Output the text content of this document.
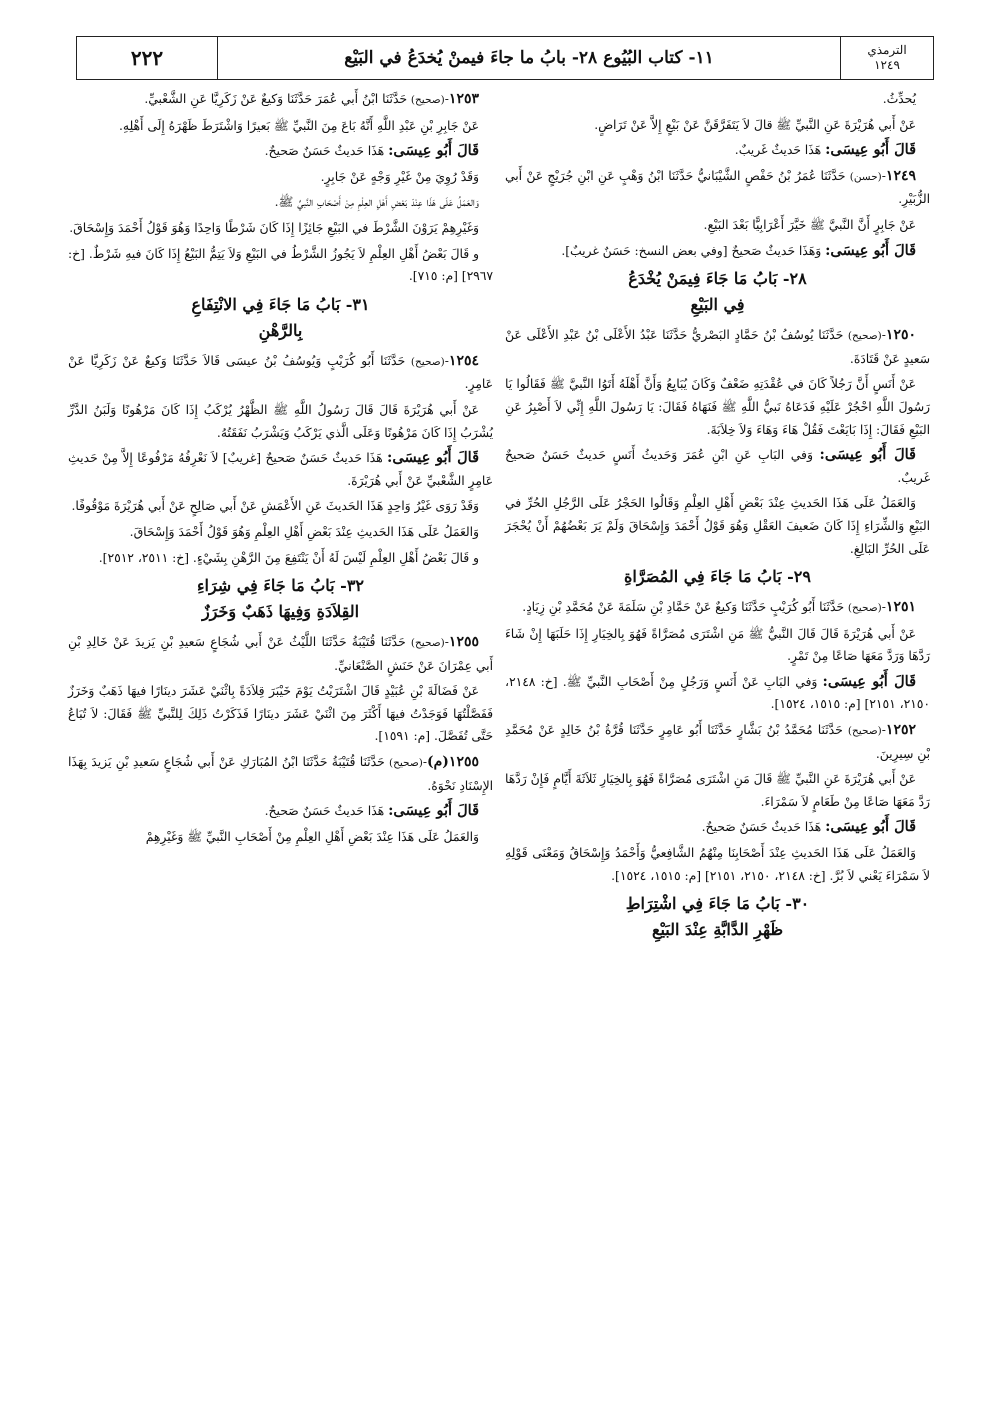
٢٢٢	١١- كتاب البُيُوع ٢٨- بابُ ما جاءَ فيمنْ يُخدَعُ في البَيْع	الترمذي
١٢٤٩

يُحدِّثُ.

عَنْ أَبي هُرَيْرَةَ عَنِ النَّبيِّ ﷺ قالَ لاَ يَتَفَرَّقَنَّ عَنْ بَيْعٍ إِلاَّ عَنْ تَرَاضٍ.

قَالَ أَبُو عِيسَى: هَذَا حَديثٌ غَريبٌ.

١٢٤٩-(حسن) حَدَّثَنَا عُمَرُ بْنُ حَفْصٍ الشَّيْبَانيُّ حَدَّثَنَا ابْنُ وَهْبٍ عَنِ ابْنِ جُرَيْجٍ عَنْ أَبي الزُّبَيْرِ.

عَنْ جَابِرٍ أَنَّ النَّبيَّ ﷺ خَيَّرَ أَعْرَابِيًّا بَعْدَ البَيْعِ.

قَالَ أَبُو عِيسَى: وَهَذَا حَديثٌ صَحيحٌ [وفي بعض النسخ: حَسَنٌ غريبٌ].

٢٨- بَابُ مَا جَاءَ فِيمَنْ يُخْدَعُ
فِي البَيْعِ

١٢٥٠-(صحيح) حَدَّثَنَا يُوسُفُ بْنُ حَمَّادٍ البَصْريُّ حَدَّثَنَا عَبْدُ الأَعْلَى بْنُ عَبْدِ الأَعْلَى عَنْ سَعيدٍ عَنْ قَتَادَةَ.

عَنْ أَنَسٍ أَنَّ رَجُلاً كَانَ في عُقْدَتِهِ ضَعْفٌ وَكَانَ يُبَايِعُ وَأَنَّ أَهْلَهُ أَتَوُا النَّبيَّ ﷺ فَقَالُوا يَا رَسُولَ اللَّهِ احْجُرْ عَلَيْهِ فَدَعَاهُ نَبيُّ اللَّهِ ﷺ فَنَهَاهُ فَقَالَ: يَا رَسُولَ اللَّهِ إِنِّي لاَ أَصْبِرُ عَنِ البَيْعِ فَقَالَ: إِذَا بَايَعْتَ فَقُلْ هَاءَ وَهَاءَ وَلاَ خِلاَبَةَ.

قَالَ أَبُو عِيسَى: وَفي البَابِ عَنِ ابْنِ عُمَرَ وَحَديثُ أَنَسٍ حَديثٌ حَسَنٌ صَحيحٌ غَريبٌ.

وَالعَمَلُ عَلَى هَذَا الحَديثِ عِنْدَ بَعْضِ أَهْلِ العِلْمِ وَقَالُوا الحَجْرُ عَلَى الرَّجُلِ الحُرِّ في البَيْعِ وَالشِّرَاءِ إِذَا كَانَ ضَعيفَ العَقْلِ وَهُوَ قَوْلُ أَحْمَدَ وَإِسْحَاقَ وَلَمْ يَرَ بَعْضُهُمْ أَنْ يُحْجَرَ عَلَى الحُرِّ البَالِغِ.

٢٩- بَابُ مَا جَاءَ فِي المُصَرَّاةِ

١٢٥١-(صحيح) حَدَّثَنَا أَبُو كُرَيْبٍ حَدَّثَنَا وَكيعٌ عَنْ حَمَّادِ بْنِ سَلَمَةَ عَنْ مُحَمَّدِ بْنِ زِيَادٍ.

عَنْ أَبي هُرَيْرَةَ قَالَ قَالَ النَّبيُّ ﷺ مَنِ اشْتَرَى مُصَرَّاةً فَهُوَ بِالخِيَارِ إِذَا حَلَبَهَا إِنْ شَاءَ رَدَّهَا وَرَدَّ مَعَهَا صَاعًا مِنْ تَمْرٍ.

قَالَ أَبُو عِيسَى: وَفي البَابِ عَنْ أَنَسٍ وَرَجُلٍ مِنْ أَصْحَابِ النَّبيِّ ﷺ. [خ: ٢١٤٨، ٢١٥٠، ٢١٥١] [م: ١٥١٥، ١٥٢٤].

١٢٥٢-(صحيح) حَدَّثَنَا مُحَمَّدُ بْنُ بَشَّارٍ حَدَّثَنَا أَبُو عَامِرٍ حَدَّثَنَا قُرَّةُ بْنُ خَالِدٍ عَنْ مُحَمَّدِ بْنِ سِيرِينَ.

عَنْ أَبي هُرَيْرَةَ عَنِ النَّبيِّ ﷺ قَالَ مَنِ اشْتَرَى مُصَرَّاةً فَهُوَ بِالخِيَارِ ثَلاَثَةَ أَيَّامٍ فَإِنْ رَدَّهَا رَدَّ مَعَهَا صَاعًا مِنْ طَعَامٍ لاَ سَمْرَاءَ.

قَالَ أَبُو عِيسَى: هَذَا حَديثٌ حَسَنٌ صَحيحٌ.

وَالعَمَلُ عَلَى هَذَا الحَديثِ عِنْدَ أَصْحَابِنَا مِنْهُمُ الشَّافِعيُّ وَأَحْمَدُ وَإِسْحَاقُ وَمَعْنَى قَوْلِهِ لاَ سَمْرَاءَ يَعْني لاَ بُرَّ. [خ: ٢١٤٨، ٢١٥٠، ٢١٥١] [م: ١٥١٥، ١٥٢٤].

٣٠- بَابُ مَا جَاءَ فِي اشْتِرَاطِ
ظَهْرِ الدَّابَّةِ عِنْدَ البَيْعِ

١٢٥٣-(صحيح) حَدَّثَنَا ابْنُ أَبي عُمَرَ حَدَّثَنَا وَكيعٌ عَنْ زَكَرِيَّا عَنِ الشَّعْبيِّ.

عَنْ جَابِرِ بْنِ عَبْدِ اللَّهِ أَنَّهُ بَاعَ مِنَ النَّبيِّ ﷺ بَعيرًا وَاشْتَرَطَ ظَهْرَهُ إِلَى أَهْلِهِ.

قَالَ أَبُو عِيسَى: هَذَا حَديثٌ حَسَنٌ صَحيحٌ.

وَقَدْ رُوِيَ مِنْ غَيْرِ وَجْهٍ عَنْ جَابِرٍ.

وَالعَمَلُ عَلَى هَذَا عِنْدَ بَعْضِ أَهْلِ العِلْمِ مِنْ أَصْحَابِ النَّبيِّ ﷺ.

وَغَيْرِهِمْ يَرَوْنَ الشَّرْطَ في البَيْعِ جَائِزًا إِذَا كَانَ شَرْطًا وَاحِدًا وَهُوَ قَوْلُ أَحْمَدَ وَإِسْحَاقَ.

و قَالَ بَعْضُ أَهْلِ العِلْمِ لاَ يَجُوزُ الشَّرْطُ في البَيْعِ وَلاَ يَتِمُّ البَيْعُ إِذَا كَانَ فيهِ شَرْطٌ. [خ: ٢٩٦٧] [م: ٧١٥].

٣١- بَابُ مَا جَاءَ فِي الانْتِفَاعِ
بِالرَّهْنِ

١٢٥٤-(صحيح) حَدَّثَنَا أَبُو كُرَيْبٍ وَيُوسُفُ بْنُ عيسَى قَالاَ حَدَّثَنَا وَكيعٌ عَنْ زَكَرِيَّا عَنْ عَامِرٍ.

عَنْ أَبي هُرَيْرَةَ قَالَ قَالَ رَسُولُ اللَّهِ ﷺ الظَّهْرُ يُرْكَبُ إِذَا كَانَ مَرْهُونًا وَلَبَنُ الدَّرِّ يُشْرَبُ إِذَا كَانَ مَرْهُونًا وَعَلَى الَّذي يَرْكَبُ وَيَشْرَبُ نَفَقَتُهُ.

قَالَ أَبُو عِيسَى: هَذَا حَديثٌ حَسَنٌ صَحيحٌ [غريبٌ] لاَ نَعْرِفُهُ مَرْفُوعًا إِلاَّ مِنْ حَديثِ عَامِرٍ الشَّعْبيِّ عَنْ أَبي هُرَيْرَةَ.

وَقَدْ رَوَى غَيْرُ وَاحِدٍ هَذَا الحَديثَ عَنِ الأَعْمَشِ عَنْ أَبي صَالِحٍ عَنْ أَبي هُرَيْرَةَ مَوْقُوفًا.

وَالعَمَلُ عَلَى هَذَا الحَديثِ عِنْدَ بَعْضِ أَهْلِ العِلْمِ وَهُوَ قَوْلُ أَحْمَدَ وَإِسْحَاقَ.

و قَالَ بَعْضُ أَهْلِ العِلْمِ لَيْسَ لَهُ أَنْ يَنْتَفِعَ مِنَ الرَّهْنِ بِشَيْءٍ. [خ: ٢٥١١، ٢٥١٢].

٣٢- بَابُ مَا جَاءَ فِي شِرَاءِ
القِلاَدَةِ وَفِيهَا ذَهَبٌ وَخَرَزٌ

١٢٥٥-(صحيح) حَدَّثَنَا قُتَيْبَةُ حَدَّثَنَا اللَّيْثُ عَنْ أَبي شُجَاعٍ سَعيدِ بْنِ يَزيدَ عَنْ خَالِدِ بْنِ أَبي عِمْرَانَ عَنْ حَنَشٍ الصَّنْعَانيِّ.

عَنْ فَضَالَةَ بْنِ عُبَيْدٍ قَالَ اشْتَرَيْتُ يَوْمَ خَيْبَرَ قِلاَدَةً بِاثْنَيْ عَشَرَ دينَارًا فيهَا ذَهَبٌ وَخَرَزٌ فَفَصَّلْتُهَا فَوَجَدْتُ فيهَا أَكْثَرَ مِنَ اثْنَيْ عَشَرَ دينَارًا فَذَكَرْتُ ذَلِكَ لِلنَّبيِّ ﷺ فَقَالَ: لاَ تُبَاعُ حَتَّى تُفَصَّلَ. [م: ١٥٩١].

١٢٥٥(م)-(صحيح) حَدَّثَنَا قُتَيْبَةُ حَدَّثَنَا ابْنُ المُبَارَكِ عَنْ أَبي شُجَاعٍ سَعيدِ بْنِ يَزيدَ بِهَذَا الإِسْنَادِ نَحْوَهُ.

قَالَ أَبُو عِيسَى: هَذَا حَديثٌ حَسَنٌ صَحيحٌ.

وَالعَمَلُ عَلَى هَذَا عِنْدَ بَعْضِ أَهْلِ العِلْمِ مِنْ أَصْحَابِ النَّبيِّ ﷺ وَغَيْرِهِمْ
